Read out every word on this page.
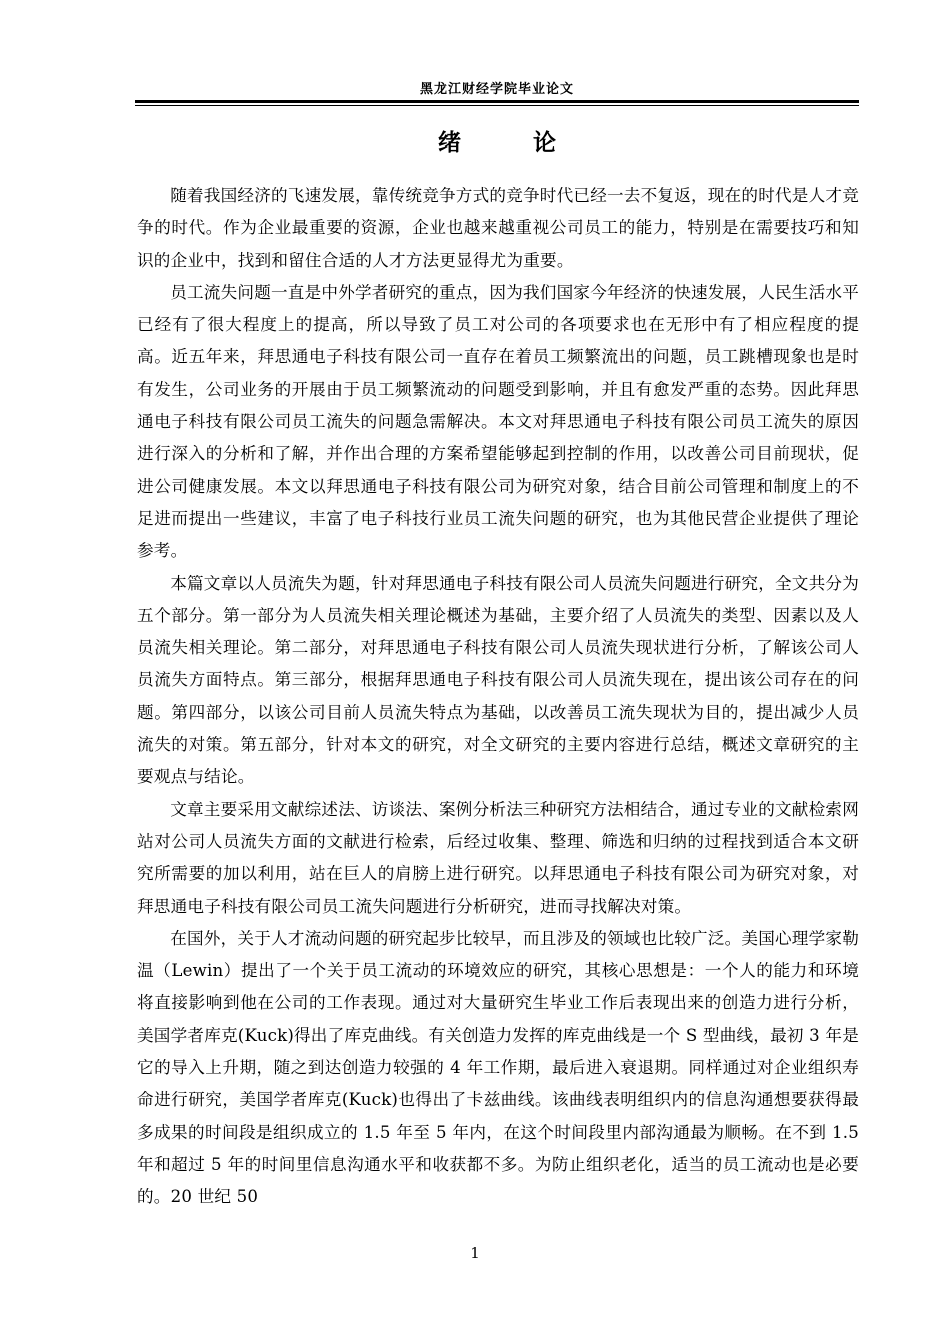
黑龙江财经学院毕业论文
绪 论

随着我国经济的飞速发展，靠传统竞争方式的竞争时代已经一去不复返，现在的时代是人才竞争的时代。作为企业最重要的资源，企业也越来越重视公司员工的能力，特别是在需要技巧和知识的企业中，找到和留住合适的人才方法更显得尤为重要。

员工流失问题一直是中外学者研究的重点，因为我们国家今年经济的快速发展，人民生活水平已经有了很大程度上的提高，所以导致了员工对公司的各项要求也在无形中有了相应程度的提高。近五年来，拜思通电子科技有限公司一直存在着员工频繁流出的问题，员工跳槽现象也是时有发生，公司业务的开展由于员工频繁流动的问题受到影响，并且有愈发严重的态势。因此拜思通电子科技有限公司员工流失的问题急需解决。本文对拜思通电子科技有限公司员工流失的原因进行深入的分析和了解，并作出合理的方案希望能够起到控制的作用，以改善公司目前现状，促进公司健康发展。本文以拜思通电子科技有限公司为研究对象，结合目前公司管理和制度上的不足进而提出一些建议，丰富了电子科技行业员工流失问题的研究，也为其他民营企业提供了理论参考。

本篇文章以人员流失为题，针对拜思通电子科技有限公司人员流失问题进行研究，全文共分为五个部分。第一部分为人员流失相关理论概述为基础，主要介绍了人员流失的类型、因素以及人员流失相关理论。第二部分，对拜思通电子科技有限公司人员流失现状进行分析，了解该公司人员流失方面特点。第三部分，根据拜思通电子科技有限公司人员流失现在，提出该公司存在的问题。第四部分，以该公司目前人员流失特点为基础，以改善员工流失现状为目的，提出减少人员流失的对策。第五部分，针对本文的研究，对全文研究的主要内容进行总结，概述文章研究的主要观点与结论。

文章主要采用文献综述法、访谈法、案例分析法三种研究方法相结合，通过专业的文献检索网站对公司人员流失方面的文献进行检索，后经过收集、整理、筛选和归纳的过程找到适合本文研究所需要的加以利用，站在巨人的肩膀上进行研究。以拜思通电子科技有限公司为研究对象，对拜思通电子科技有限公司员工流失问题进行分析研究，进而寻找解决对策。

在国外，关于人才流动问题的研究起步比较早，而且涉及的领域也比较广泛。美国心理学家勒温（Lewin）提出了一个关于员工流动的环境效应的研究，其核心思想是：一个人的能力和环境将直接影响到他在公司的工作表现。通过对大量研究生毕业工作后表现出来的创造力进行分析，美国学者库克(Kuck)得出了库克曲线。有关创造力发挥的库克曲线是一个 S 型曲线，最初 3 年是它的导入上升期，随之到达创造力较强的 4 年工作期，最后进入衰退期。同样通过对企业组织寿命进行研究，美国学者库克(Kuck)也得出了卡兹曲线。该曲线表明组织内的信息沟通想要获得最多成果的时间段是组织成立的 1.5 年至 5 年内，在这个时间段里内部沟通最为顺畅。在不到 1.5 年和超过 5 年的时间里信息沟通水平和收获都不多。为防止组织老化，适当的员工流动也是必要的。20 世纪 50

1
